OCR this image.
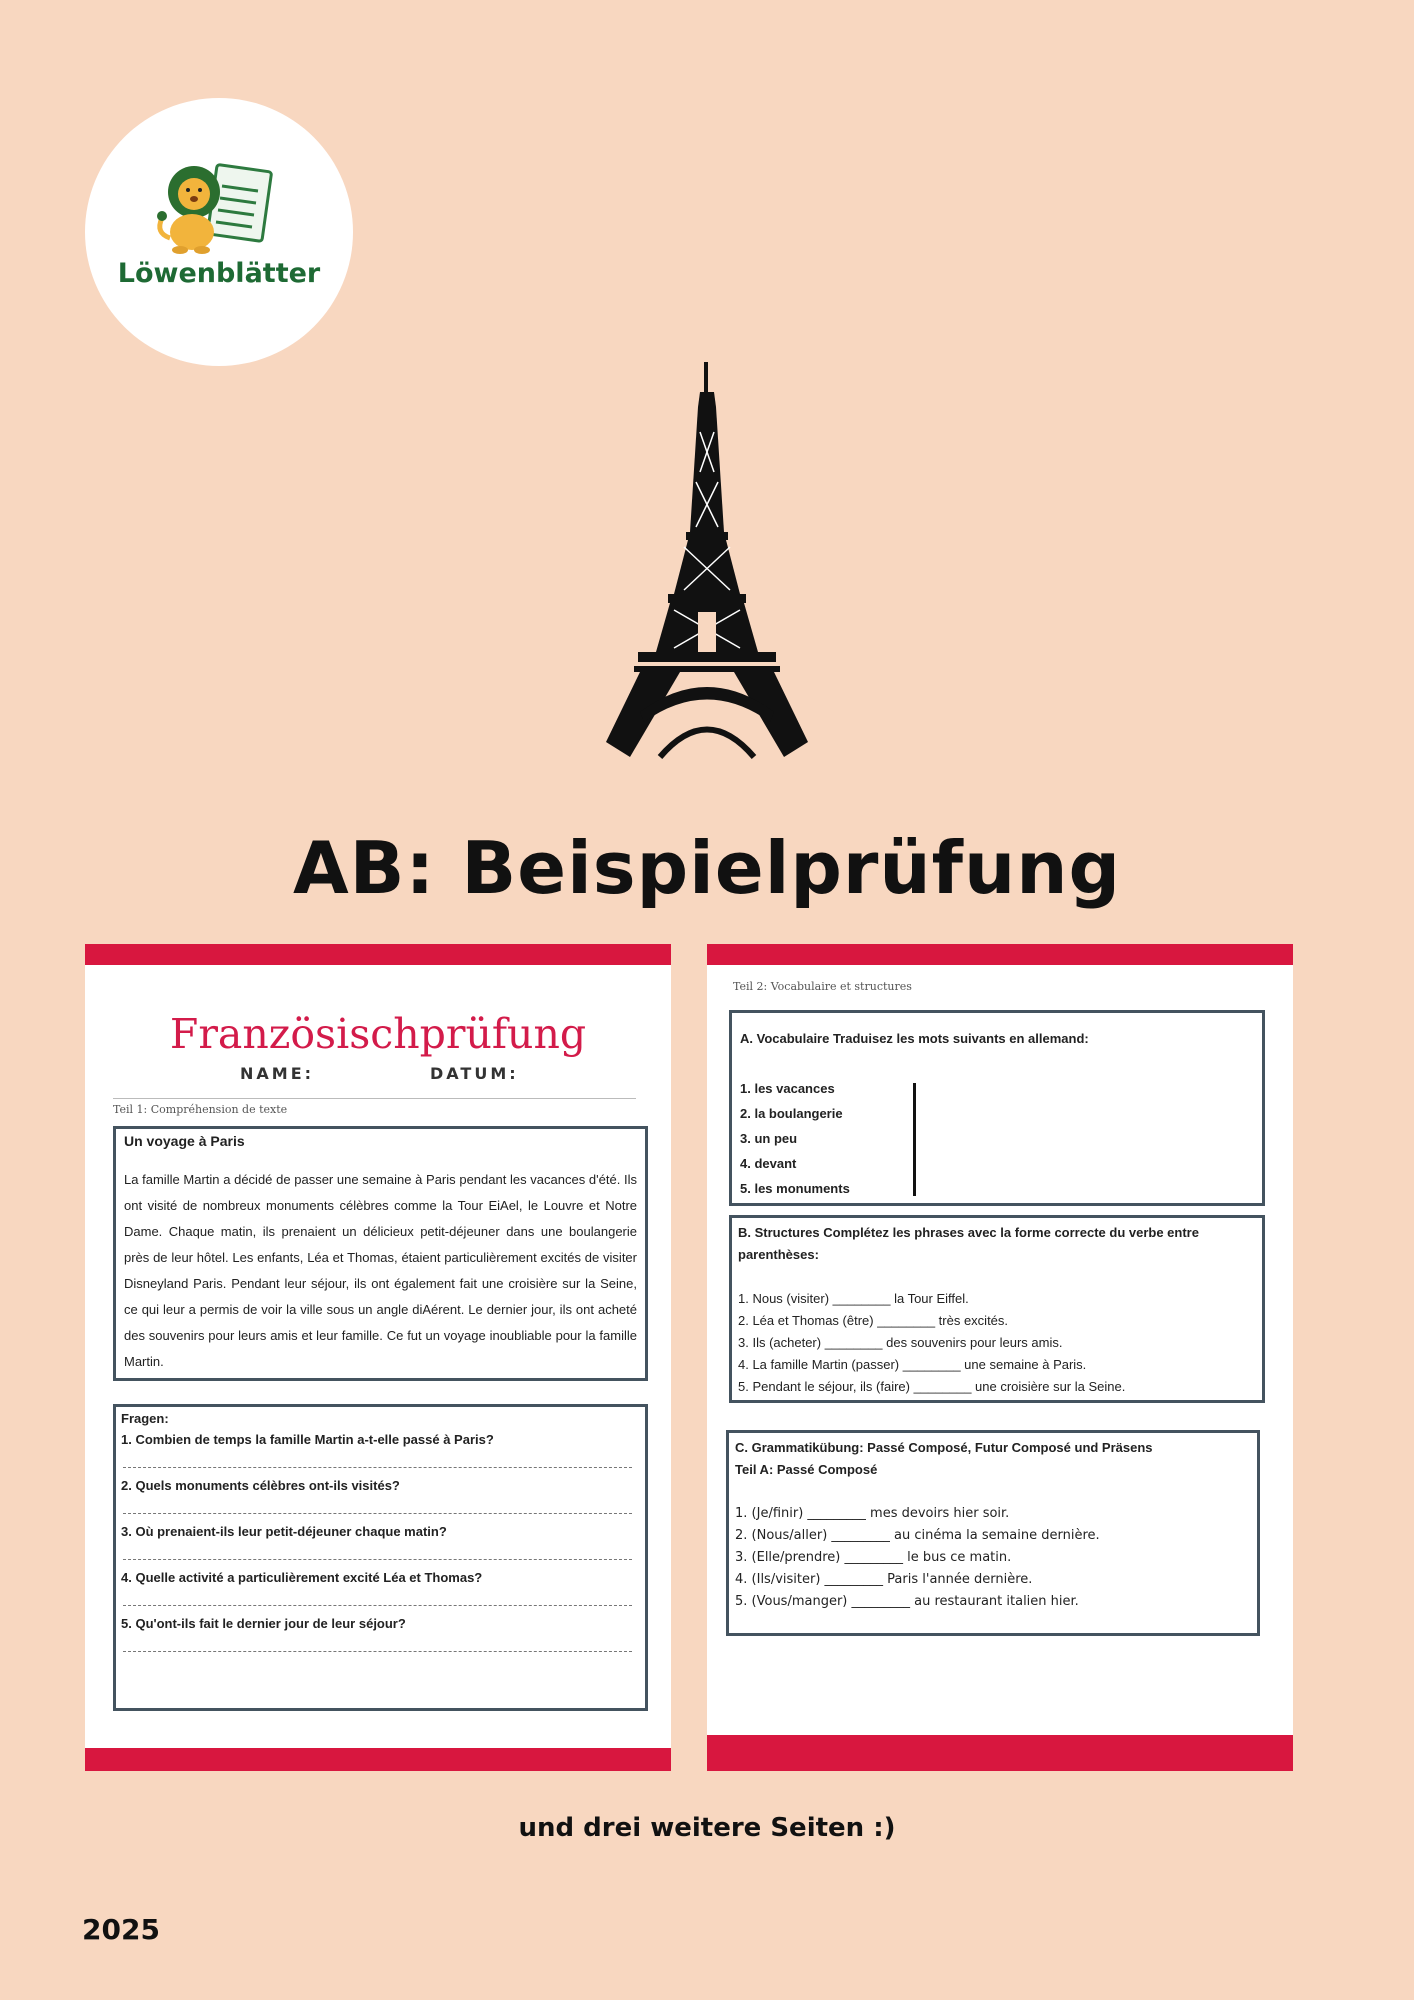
Löwenblätter
AB: Beispielprüfung
Französischprüfung
NAME:	DATUM:
Teil 1: Compréhension de texte
Un voyage à Paris
La famille Martin a décidé de passer une semaine à Paris pendant les vacances d'été. Ils ont visité de nombreux monuments célèbres comme la Tour EiAel, le Louvre et Notre Dame. Chaque matin, ils prenaient un délicieux petit-déjeuner dans une boulangerie près de leur hôtel. Les enfants, Léa et Thomas, étaient particulièrement excités de visiter Disneyland Paris. Pendant leur séjour, ils ont également fait une croisière sur la Seine, ce qui leur a permis de voir la ville sous un angle diAérent. Le dernier jour, ils ont acheté des souvenirs pour leurs amis et leur famille. Ce fut un voyage inoubliable pour la famille Martin.
Fragen:
1. Combien de temps la famille Martin a-t-elle passé à Paris?
2. Quels monuments célèbres ont-ils visités?
3. Où prenaient-ils leur petit-déjeuner chaque matin?
4. Quelle activité a particulièrement excité Léa et Thomas?
5. Qu'ont-ils fait le dernier jour de leur séjour?
Teil 2: Vocabulaire et structures
A. Vocabulaire Traduisez les mots suivants en allemand:
1. les vacances
2. la boulangerie
3. un peu
4. devant
5. les monuments
B. Structures Complétez les phrases avec la forme correcte du verbe entre parenthèses:
1. Nous (visiter) ________ la Tour Eiffel.
2. Léa et Thomas (être) ________ très excités.
3. Ils (acheter) ________ des souvenirs pour leurs amis.
4. La famille Martin (passer) ________ une semaine à Paris.
5. Pendant le séjour, ils (faire) ________ une croisière sur la Seine.
C. Grammatikübung: Passé Composé, Futur Composé und Präsens
Teil A: Passé Composé
1. (Je/finir) _________ mes devoirs hier soir.
2. (Nous/aller) _________ au cinéma la semaine dernière.
3. (Elle/prendre) _________ le bus ce matin.
4. (Ils/visiter) _________ Paris l'année dernière.
5. (Vous/manger) _________ au restaurant italien hier.
und drei weitere Seiten :)
2025
